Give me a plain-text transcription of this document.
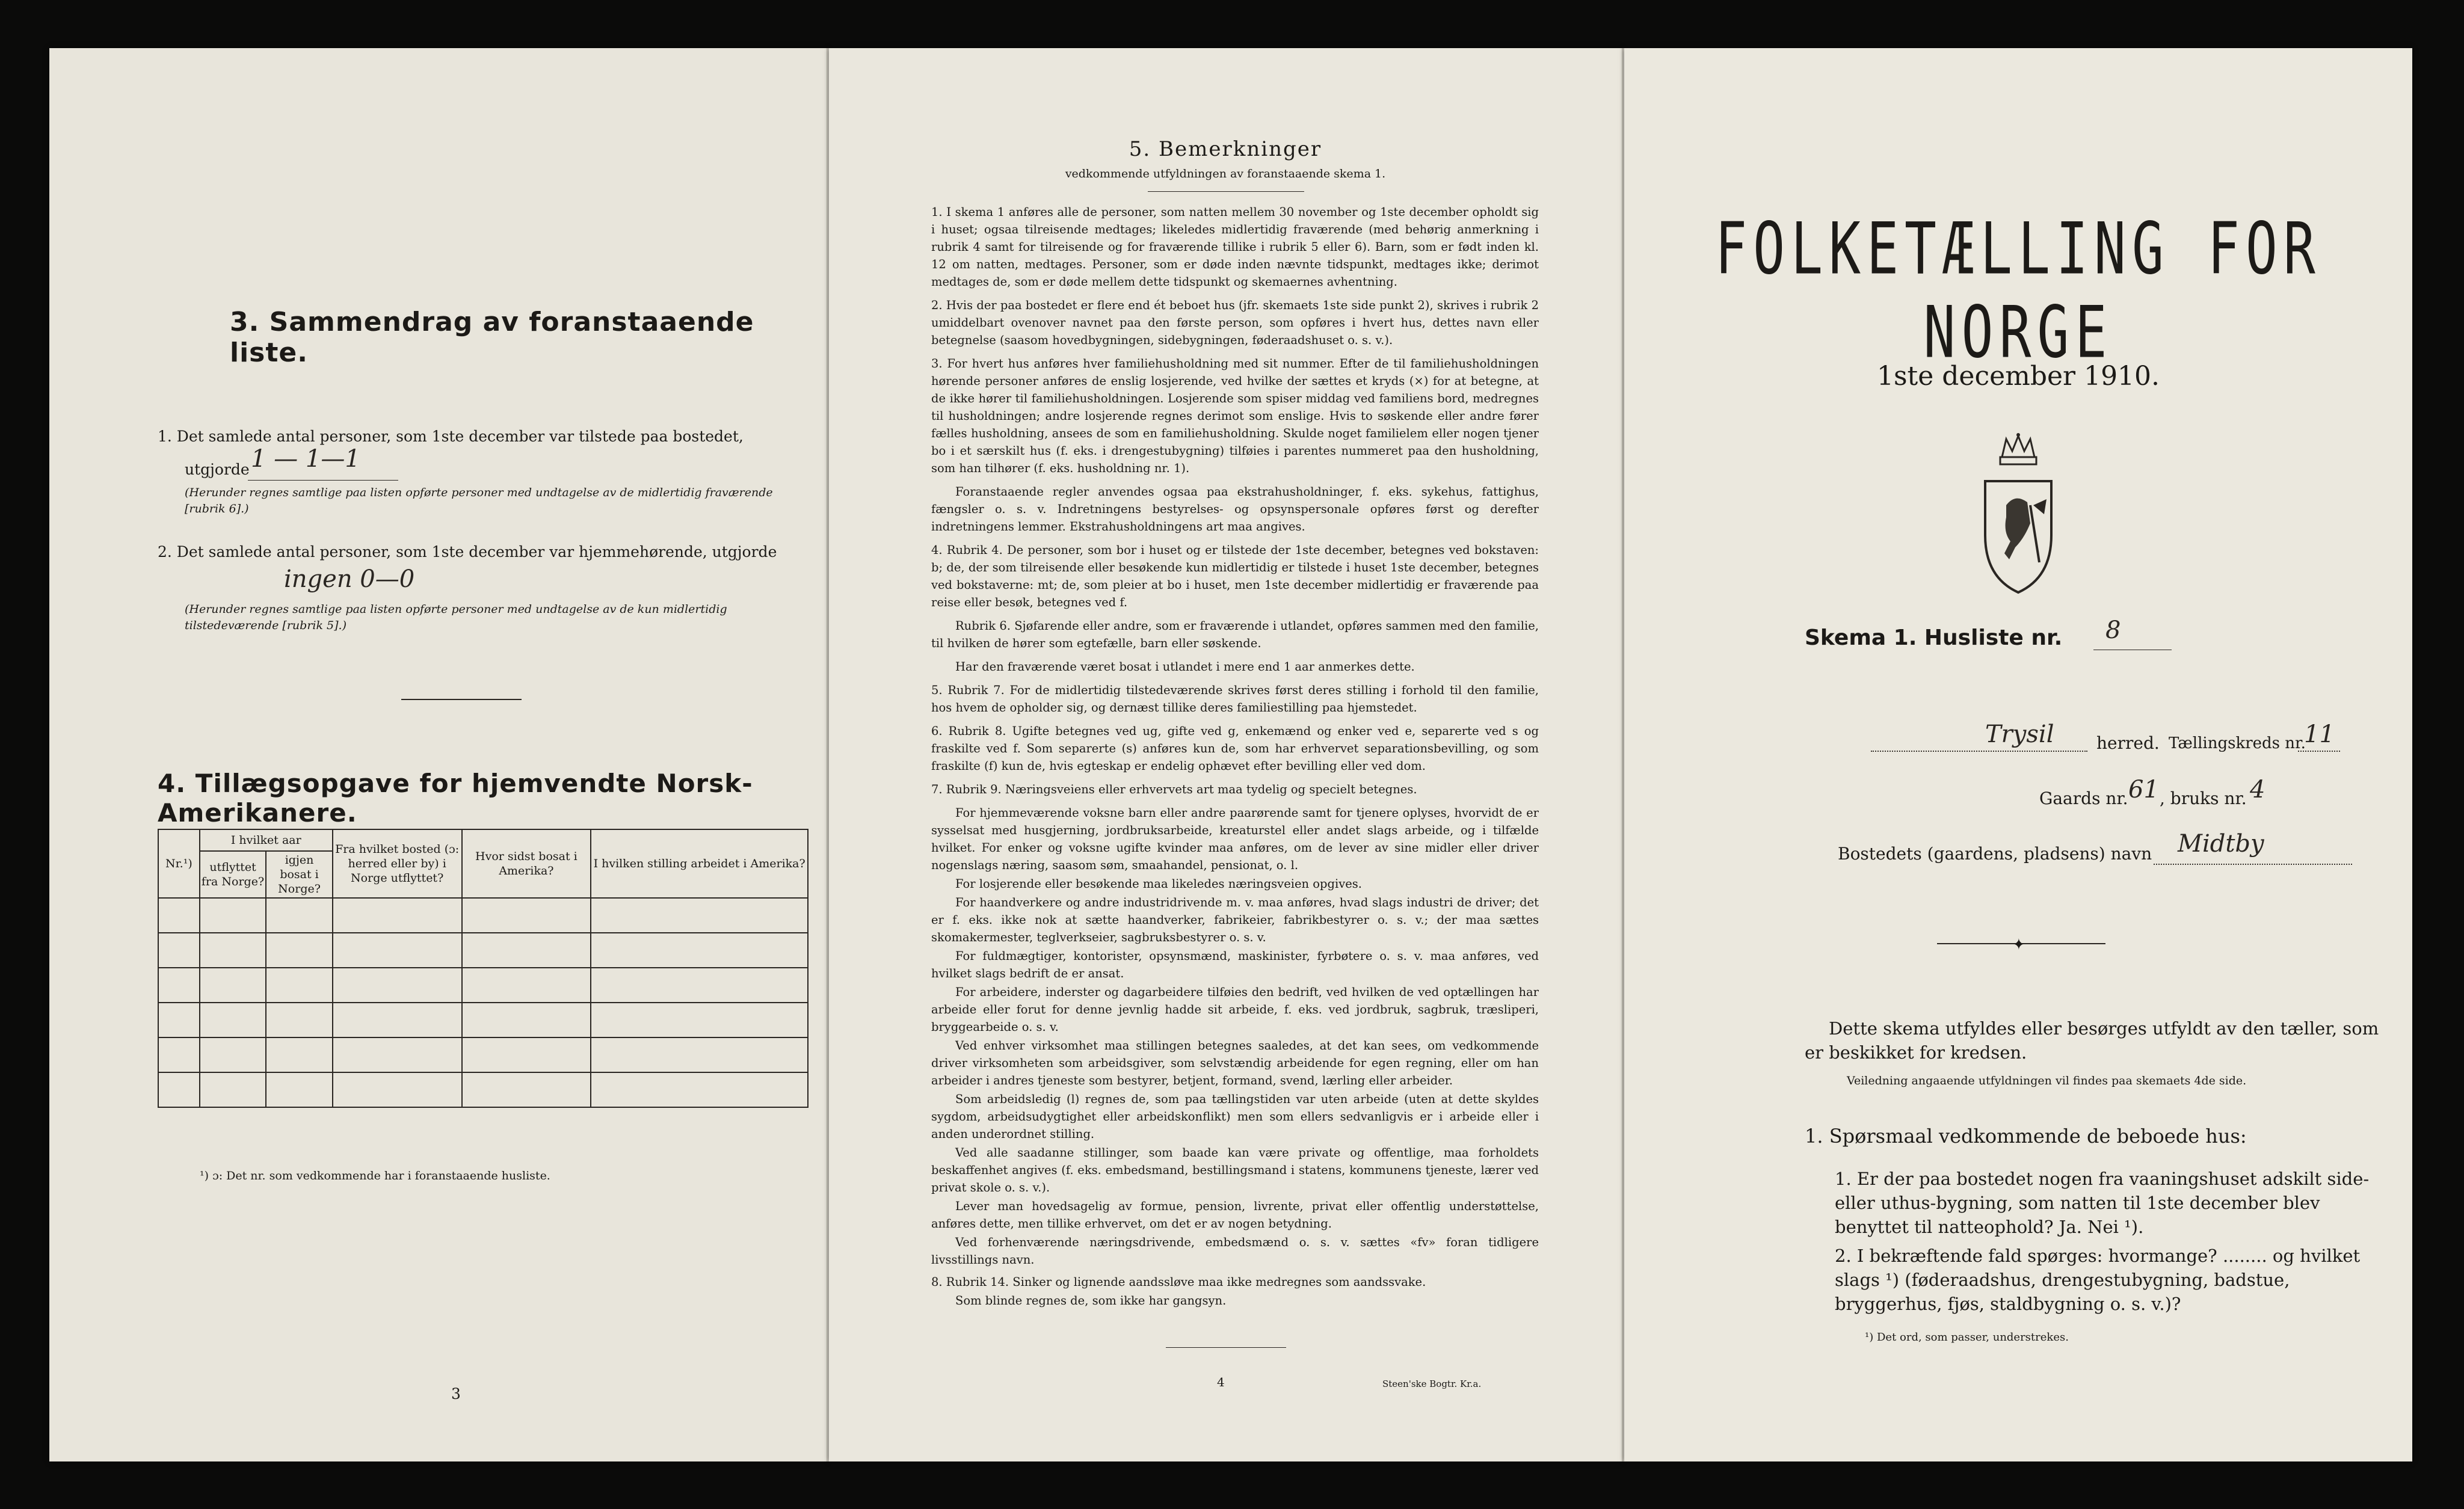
3. Sammendrag av foranstaaende liste.
1. Det samlede antal personer, som 1ste december var tilstede paa bostedet,
utgjorde 1 — 1—1
(Herunder regnes samtlige paa listen opførte personer med undtagelse av de midlertidig fraværende [rubrik 6].)
2. Det samlede antal personer, som 1ste december var hjemmehørende, utgjorde
ingen 0—0
(Herunder regnes samtlige paa listen opførte personer med undtagelse av de kun midlertidig tilstedeværende [rubrik 5].)
4. Tillægsopgave for hjemvendte Norsk-Amerikanere.
Nr.¹)	I hvilket aar		Fra hvilket bosted (ɔ: herred eller by) i Norge utflyttet?	Hvor sidst bosat i Amerika?	I hvilken stilling arbeidet i Amerika?
	utflyttet fra Norge?	igjen bosat i Norge?			

¹) ɔ: Det nr. som vedkommende har i foranstaaende husliste.
3
5. Bemerkninger
vedkommende utfyldningen av foranstaaende skema 1.

1. I skema 1 anføres alle de personer, som natten mellem 30 november og 1ste december opholdt sig i huset; ogsaa tilreisende medtages; likeledes midlertidig fraværende (med behørig anmerkning i rubrik 4 samt for tilreisende og for fraværende tillike i rubrik 5 eller 6). Barn, som er født inden kl. 12 om natten, medtages. Personer, som er døde inden nævnte tidspunkt, medtages ikke; derimot medtages de, som er døde mellem dette tidspunkt og skemaernes avhentning.

2. Hvis der paa bostedet er flere end ét beboet hus (jfr. skemaets 1ste side punkt 2), skrives i rubrik 2 umiddelbart ovenover navnet paa den første person, som opføres i hvert hus, dettes navn eller betegnelse (saasom hovedbygningen, sidebygningen, føderaadshuset o. s. v.).

3. For hvert hus anføres hver familiehusholdning med sit nummer. Efter de til familiehusholdningen hørende personer anføres de enslig losjerende, ved hvilke der sættes et kryds (×) for at betegne, at de ikke hører til familiehusholdningen. Losjerende som spiser middag ved familiens bord, medregnes til husholdningen; andre losjerende regnes derimot som enslige. Hvis to søskende eller andre fører fælles husholdning, ansees de som en familiehusholdning. Skulde noget familielem eller nogen tjener bo i et særskilt hus (f. eks. i drengestubygning) tilføies i parentes nummeret paa den husholdning, som han tilhører (f. eks. husholdning nr. 1).

Foranstaaende regler anvendes ogsaa paa ekstrahusholdninger, f. eks. sykehus, fattighus, fængsler o. s. v. Indretningens bestyrelses- og opsynspersonale opføres først og derefter indretningens lemmer. Ekstrahusholdningens art maa angives.

4. Rubrik 4. De personer, som bor i huset og er tilstede der 1ste december, betegnes ved bokstaven: b; de, der som tilreisende eller besøkende kun midlertidig er tilstede i huset 1ste december, betegnes ved bokstaverne: mt; de, som pleier at bo i huset, men 1ste december midlertidig er fraværende paa reise eller besøk, betegnes ved f.

Rubrik 6. Sjøfarende eller andre, som er fraværende i utlandet, opføres sammen med den familie, til hvilken de hører som egtefælle, barn eller søskende.

Har den fraværende været bosat i utlandet i mere end 1 aar anmerkes dette.

5. Rubrik 7. For de midlertidig tilstedeværende skrives først deres stilling i forhold til den familie, hos hvem de opholder sig, og dernæst tillike deres familiestilling paa hjemstedet.

6. Rubrik 8. Ugifte betegnes ved ug, gifte ved g, enkemænd og enker ved e, separerte ved s og fraskilte ved f. Som separerte (s) anføres kun de, som har erhvervet separationsbevilling, og som fraskilte (f) kun de, hvis egteskap er endelig ophævet efter bevilling eller ved dom.

7. Rubrik 9. Næringsveiens eller erhvervets art maa tydelig og specielt betegnes.

For hjemmeværende voksne barn eller andre paarørende samt for tjenere oplyses, hvorvidt de er sysselsat med husgjerning, jordbruksarbeide, kreaturstel eller andet slags arbeide, og i tilfælde hvilket. For enker og voksne ugifte kvinder maa anføres, om de lever av sine midler eller driver nogenslags næring, saasom søm, smaahandel, pensionat, o. l.

For losjerende eller besøkende maa likeledes næringsveien opgives.

For haandverkere og andre industridrivende m. v. maa anføres, hvad slags industri de driver; det er f. eks. ikke nok at sætte haandverker, fabrikeier, fabrikbestyrer o. s. v.; der maa sættes skomakermester, teglverkseier, sagbruksbestyrer o. s. v.

For fuldmægtiger, kontorister, opsynsmænd, maskinister, fyrbøtere o. s. v. maa anføres, ved hvilket slags bedrift de er ansat.

For arbeidere, inderster og dagarbeidere tilføies den bedrift, ved hvilken de ved optællingen har arbeide eller forut for denne jevnlig hadde sit arbeide, f. eks. ved jordbruk, sagbruk, træsliperi, bryggearbeide o. s. v.

Ved enhver virksomhet maa stillingen betegnes saaledes, at det kan sees, om vedkommende driver virksomheten som arbeidsgiver, som selvstændig arbeidende for egen regning, eller om han arbeider i andres tjeneste som bestyrer, betjent, formand, svend, lærling eller arbeider.

Som arbeidsledig (l) regnes de, som paa tællingstiden var uten arbeide (uten at dette skyldes sygdom, arbeidsudygtighet eller arbeidskonflikt) men som ellers sedvanligvis er i arbeide eller i anden underordnet stilling.

Ved alle saadanne stillinger, som baade kan være private og offentlige, maa forholdets beskaffenhet angives (f. eks. embedsmand, bestillingsmand i statens, kommunens tjeneste, lærer ved privat skole o. s. v.).

Lever man hovedsagelig av formue, pension, livrente, privat eller offentlig understøttelse, anføres dette, men tillike erhvervet, om det er av nogen betydning.

Ved forhenværende næringsdrivende, embedsmænd o. s. v. sættes «fv» foran tidligere livsstillings navn.

8. Rubrik 14. Sinker og lignende aandssløve maa ikke medregnes som aandssvake.

Som blinde regnes de, som ikke har gangsyn.

4	Steen'ske Bogtr. Kr.a.
FOLKETÆLLING FOR NORGE
1ste december 1910.
Skema 1. Husliste nr. 8
Trysil	herred. Tællingskreds nr.
11
Gaards nr. 61 , bruks nr. 4
Bostedets (gaardens, pladsens) navn Midtby
✦
Dette skema utfyldes eller besørges utfyldt av den tæller, som er beskikket for kredsen.
Veiledning angaaende utfyldningen vil findes paa skemaets 4de side.
1. Spørsmaal vedkommende de beboede hus:
1. Er der paa bostedet nogen fra vaaningshuset adskilt side- eller uthus-bygning, som natten til 1ste december blev benyttet til natteophold? Ja. Nei ¹).
2. I bekræftende fald spørges: hvormange? ........ og hvilket slags ¹) (føderaadshus, drengestubygning, badstue, bryggerhus, fjøs, staldbygning o. s. v.)?
¹) Det ord, som passer, understrekes.
